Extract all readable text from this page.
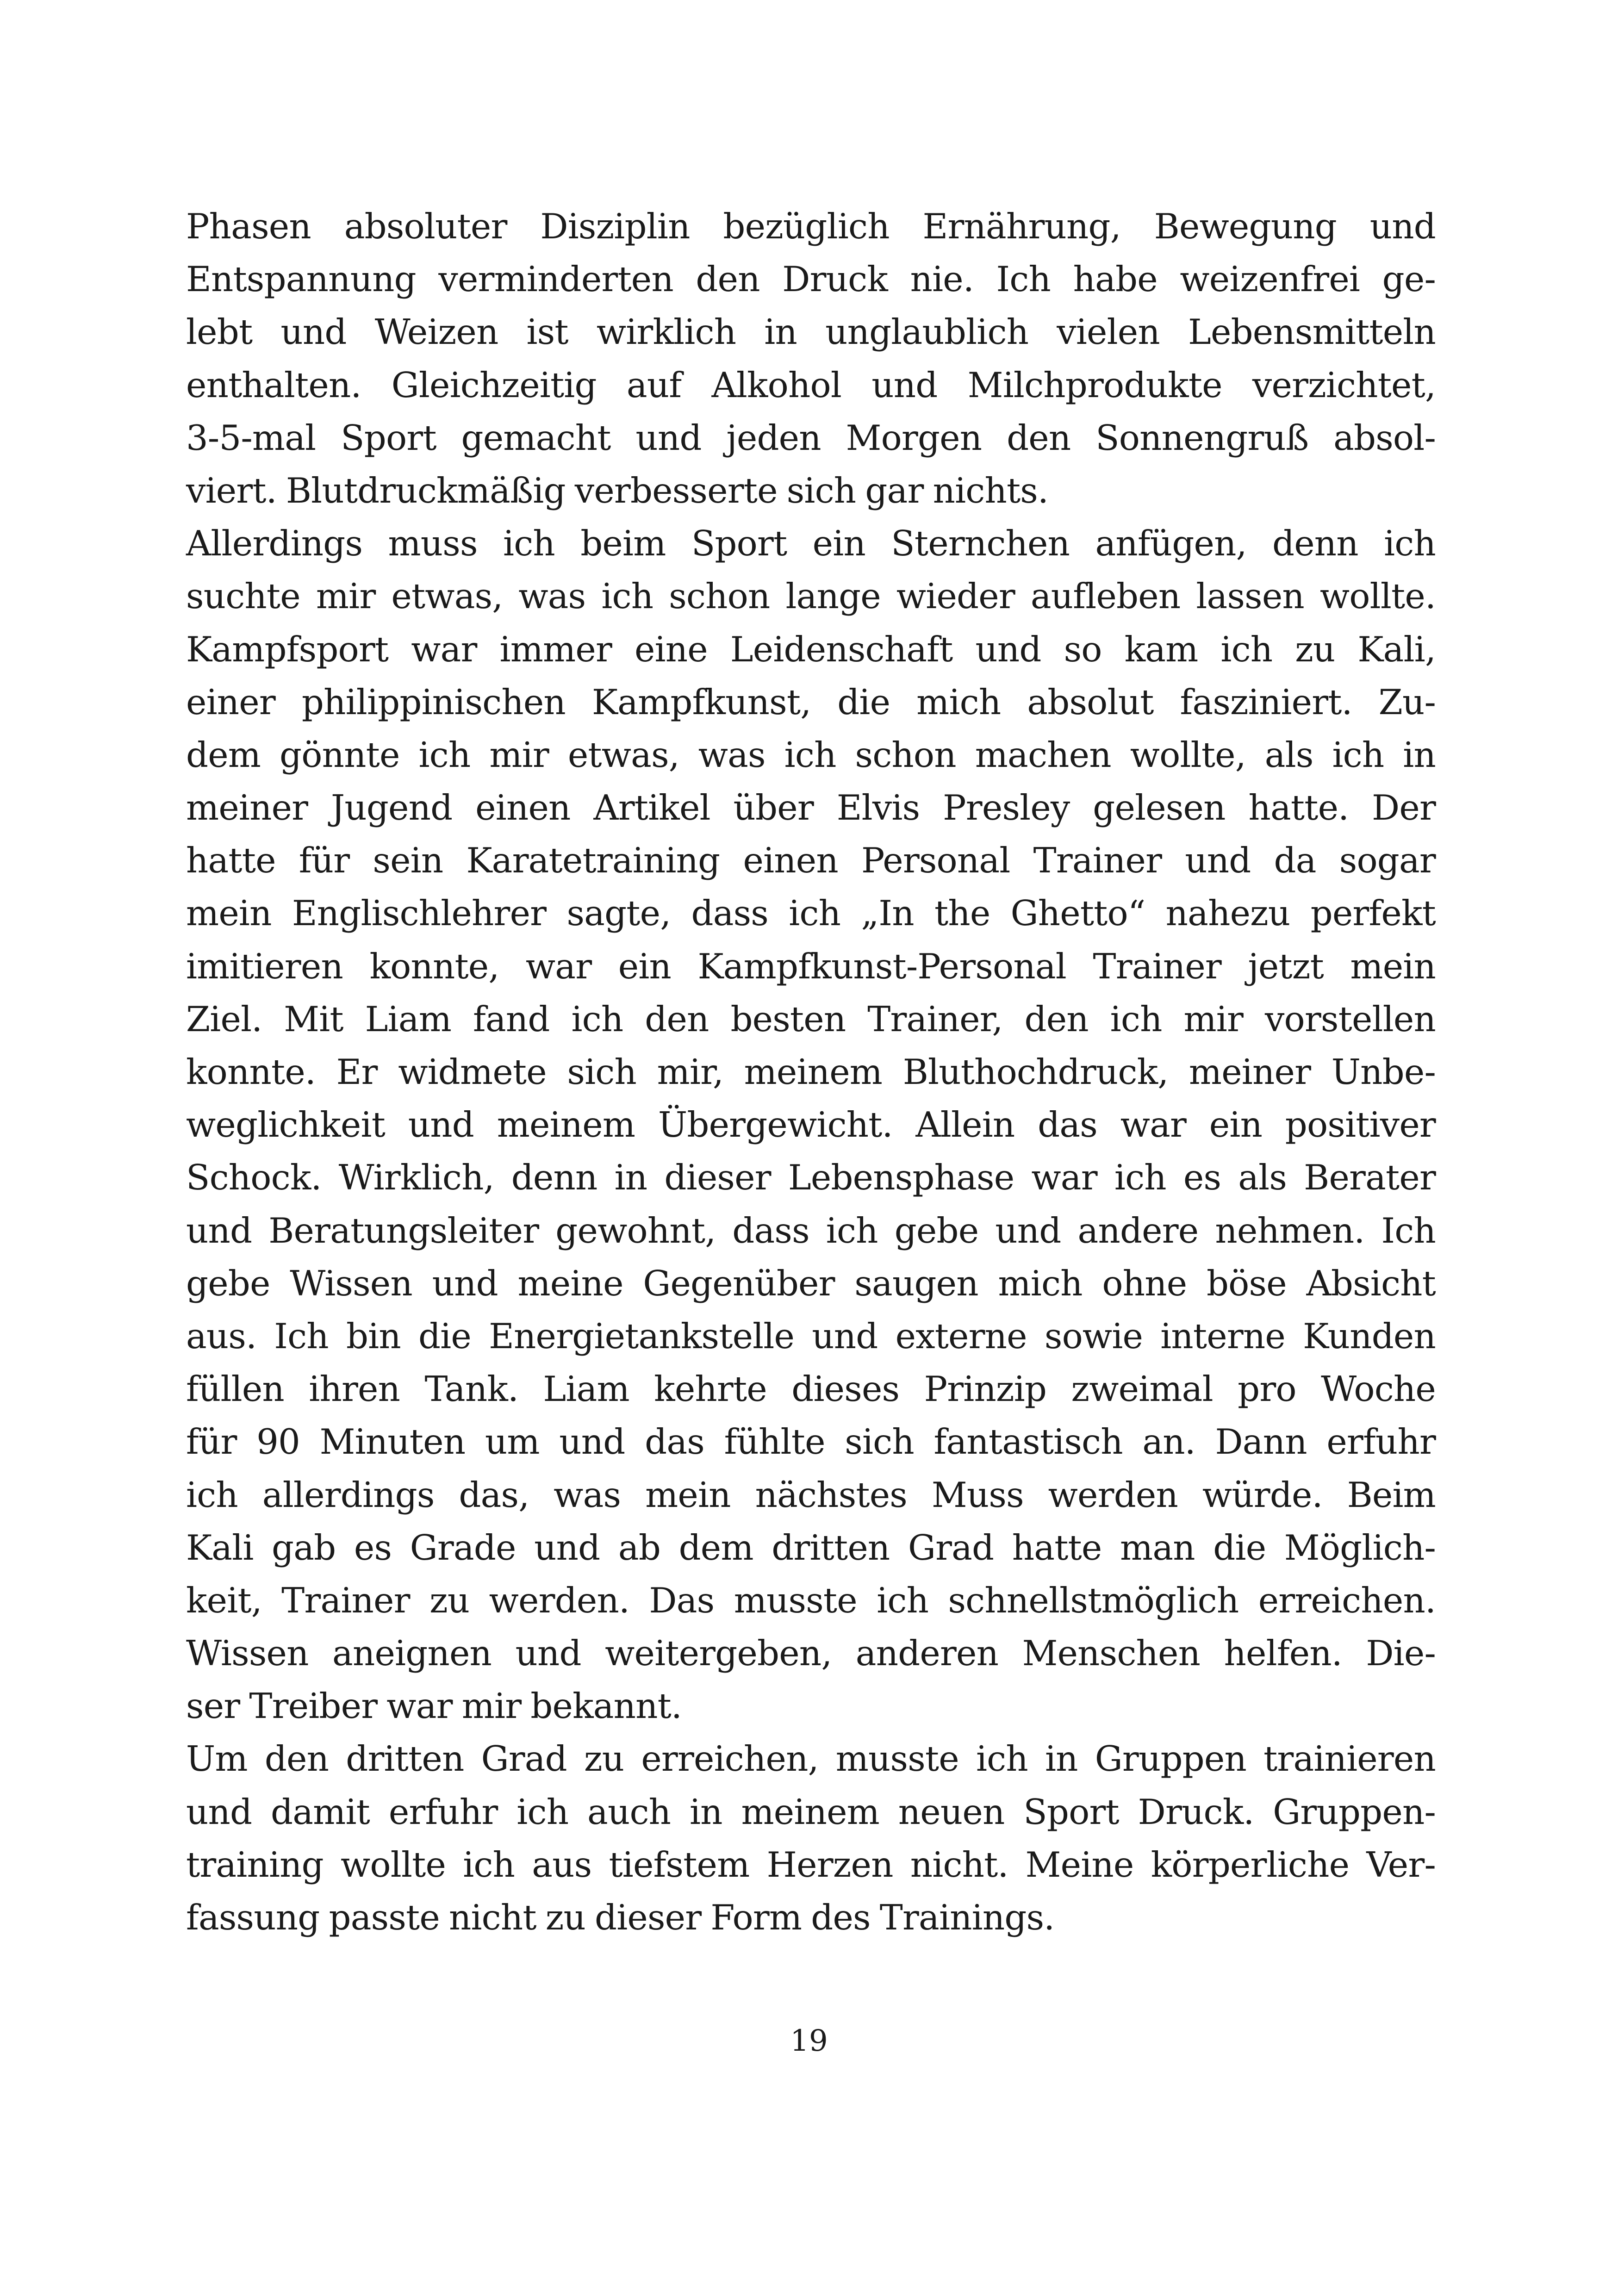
Phasen absoluter Disziplin bezüglich Ernährung, Bewegung und
Entspannung verminderten den Druck nie. Ich habe weizenfrei ge-
lebt und Weizen ist wirklich in unglaublich vielen Lebensmitteln
enthalten. Gleichzeitig auf Alkohol und Milchprodukte verzichtet,
3-5-mal Sport gemacht und jeden Morgen den Sonnengruß absol-
viert. Blutdruckmäßig verbesserte sich gar nichts.
Allerdings muss ich beim Sport ein Sternchen anfügen, denn ich
suchte mir etwas, was ich schon lange wieder aufleben lassen wollte.
Kampfsport war immer eine Leidenschaft und so kam ich zu Kali,
einer philippinischen Kampfkunst, die mich absolut fasziniert. Zu-
dem gönnte ich mir etwas, was ich schon machen wollte, als ich in
meiner Jugend einen Artikel über Elvis Presley gelesen hatte. Der
hatte für sein Karatetraining einen Personal Trainer und da sogar
mein Englischlehrer sagte, dass ich „In the Ghetto“ nahezu perfekt
imitieren konnte, war ein Kampfkunst-Personal Trainer jetzt mein
Ziel. Mit Liam fand ich den besten Trainer, den ich mir vorstellen
konnte. Er widmete sich mir, meinem Bluthochdruck, meiner Unbe-
weglichkeit und meinem Übergewicht. Allein das war ein positiver
Schock. Wirklich, denn in dieser Lebensphase war ich es als Berater
und Beratungsleiter gewohnt, dass ich gebe und andere nehmen. Ich
gebe Wissen und meine Gegenüber saugen mich ohne böse Absicht
aus. Ich bin die Energietankstelle und externe sowie interne Kunden
füllen ihren Tank. Liam kehrte dieses Prinzip zweimal pro Woche
für 90 Minuten um und das fühlte sich fantastisch an. Dann erfuhr
ich allerdings das, was mein nächstes Muss werden würde. Beim
Kali gab es Grade und ab dem dritten Grad hatte man die Möglich-
keit, Trainer zu werden. Das musste ich schnellstmöglich erreichen.
Wissen aneignen und weitergeben, anderen Menschen helfen. Die-
ser Treiber war mir bekannt.
Um den dritten Grad zu erreichen, musste ich in Gruppen trainieren
und damit erfuhr ich auch in meinem neuen Sport Druck. Gruppen-
training wollte ich aus tiefstem Herzen nicht. Meine körperliche Ver-
fassung passte nicht zu dieser Form des Trainings.
19
